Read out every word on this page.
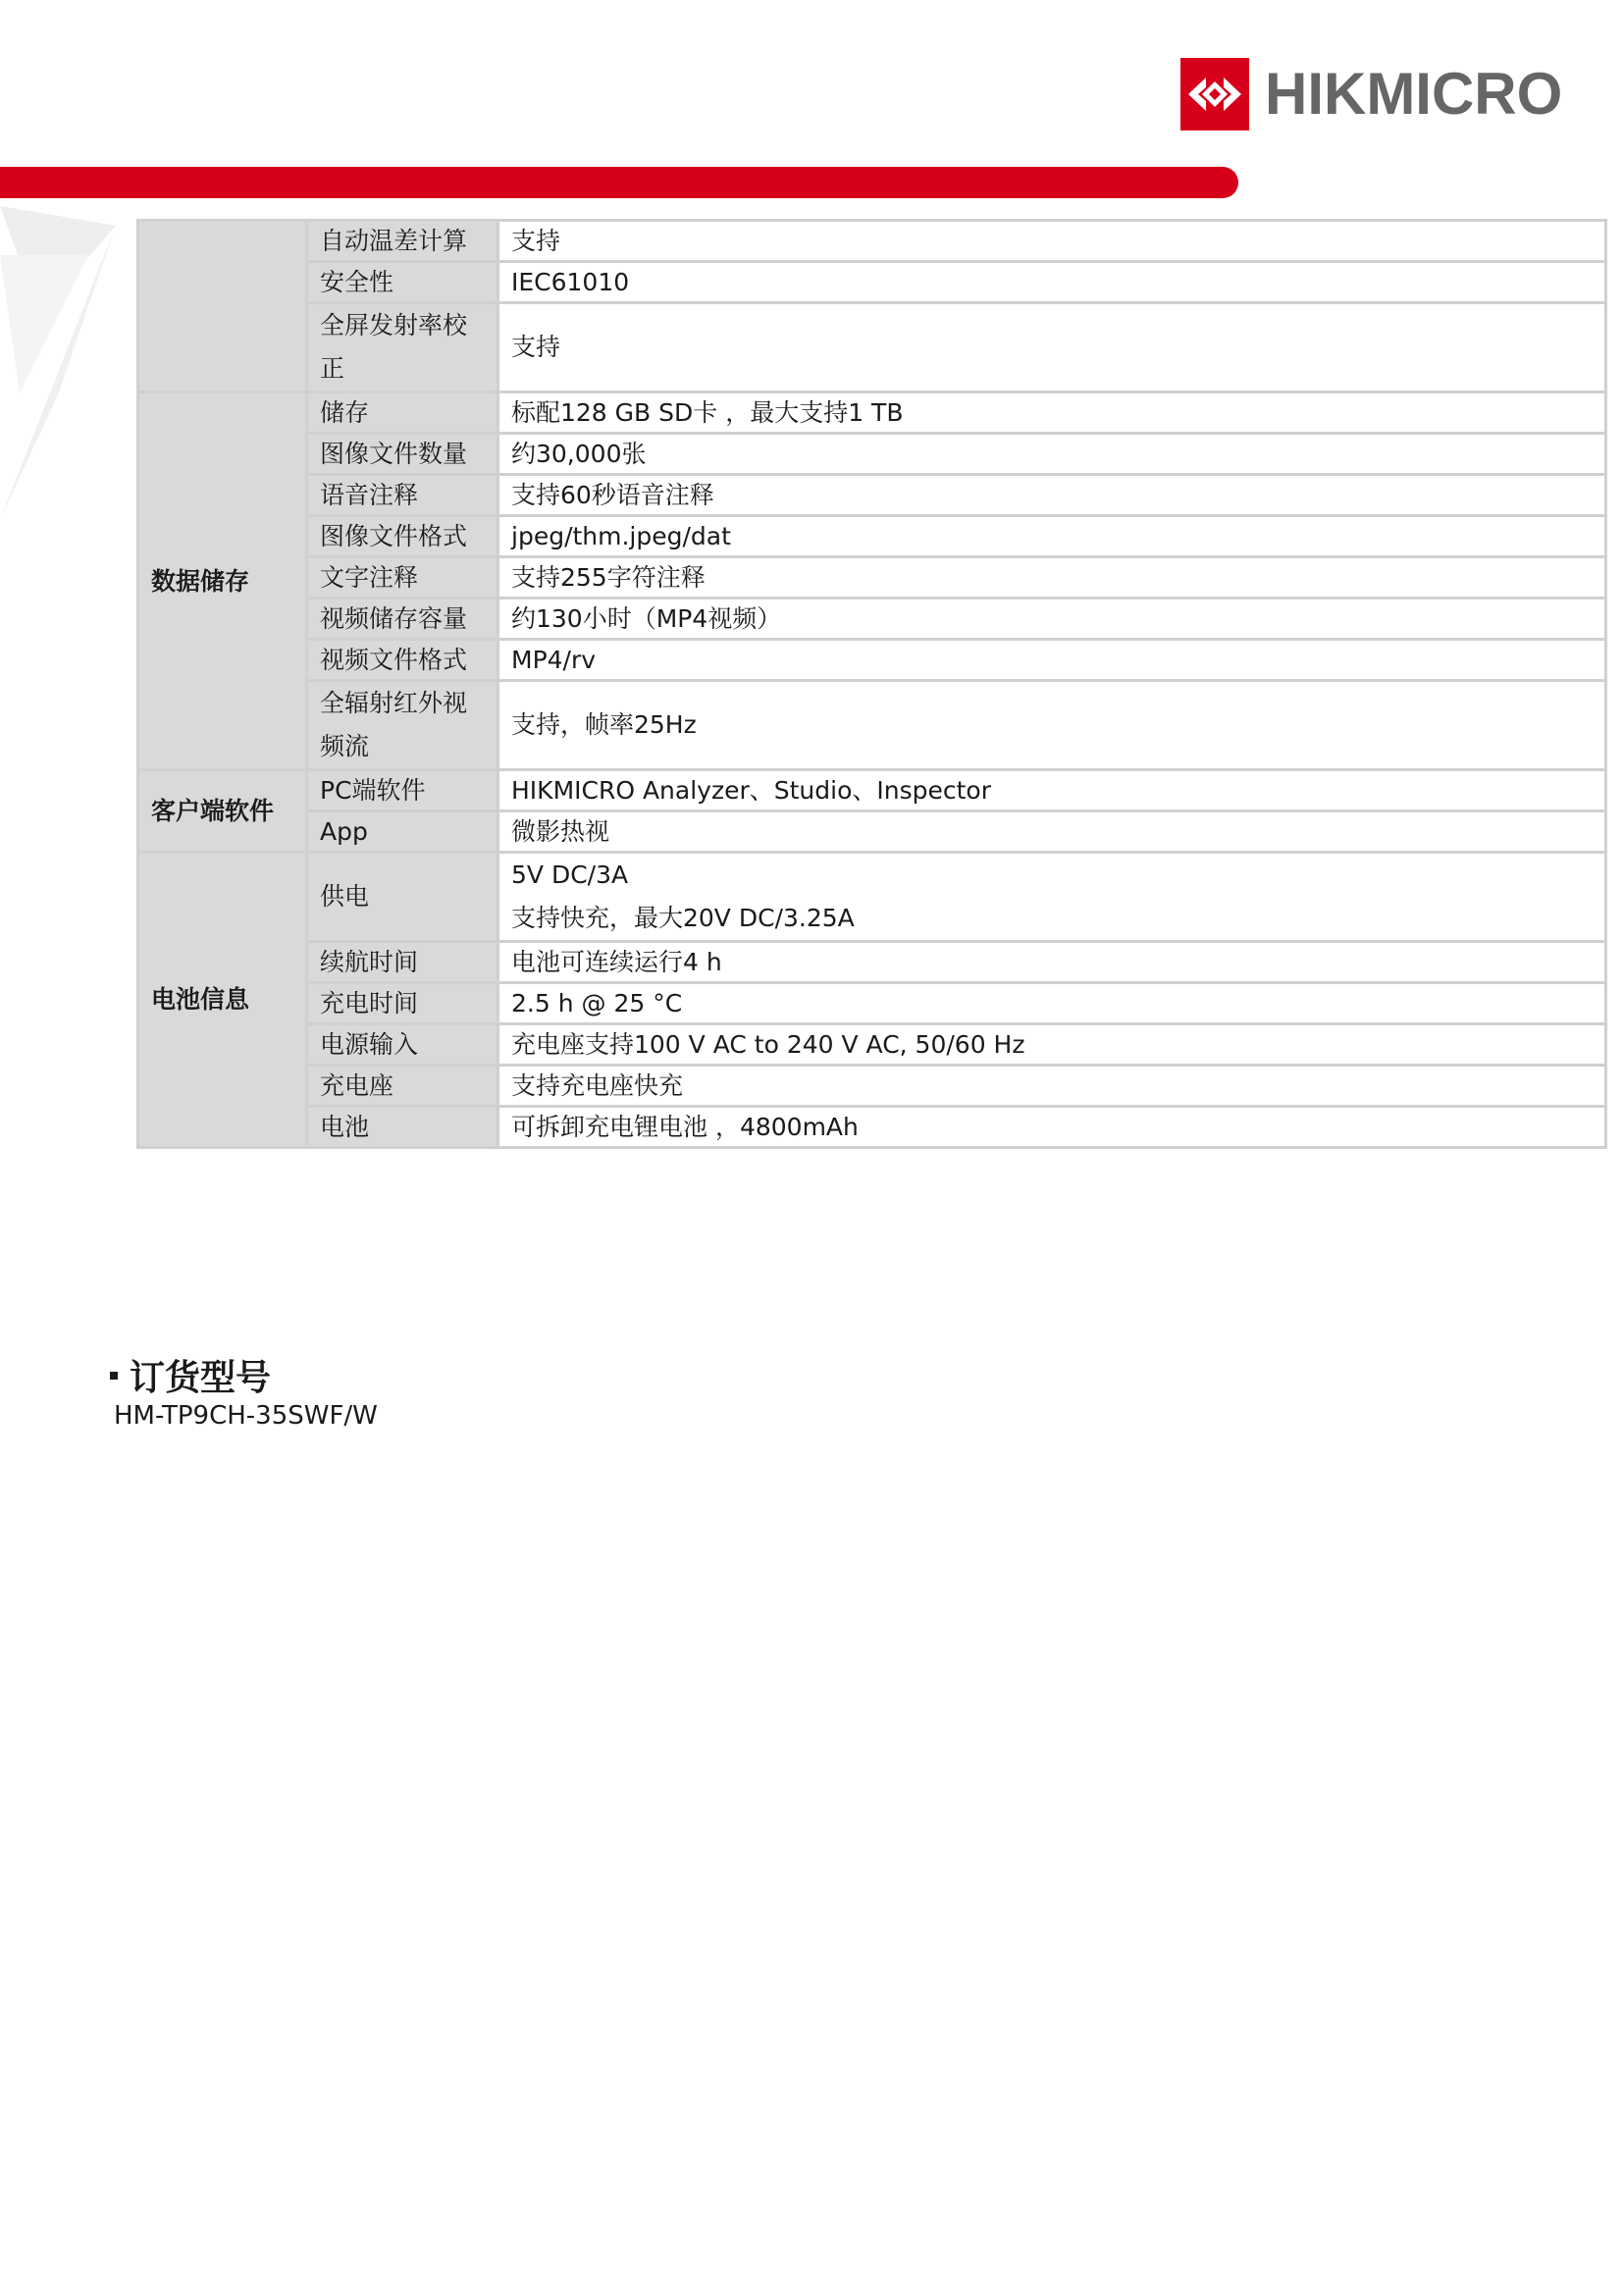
HIKMICRO
	自动温差计算	支持
	安全性	IEC61010
	全屏发射率校正	支持
数据储存	储存	标配128 GB SD卡 ，最大支持1 TB
	图像文件数量	约30,000张
	语音注释	支持60秒语音注释
	图像文件格式	jpeg/thm.jpeg/dat
	文字注释	支持255字符注释
	视频储存容量	约130小时（MP4视频）
	视频文件格式	MP4/rv
	全辐射红外视频流	支持，帧率25Hz
客户端软件	PC端软件	HIKMICRO Analyzer、Studio、Inspector
	App	微影热视
电池信息	供电	5V DC/3A
支持快充，最大20V DC/3.25A

	续航时间	电池可连续运行4 h
	充电时间	2.5 h @ 25 °C
	电源输入	充电座支持100 V AC to 240 V AC, 50/60 Hz
	充电座	支持充电座快充
	电池	可拆卸充电锂电池 ，4800mAh
订货型号
HM-TP9CH-35SWF/W
